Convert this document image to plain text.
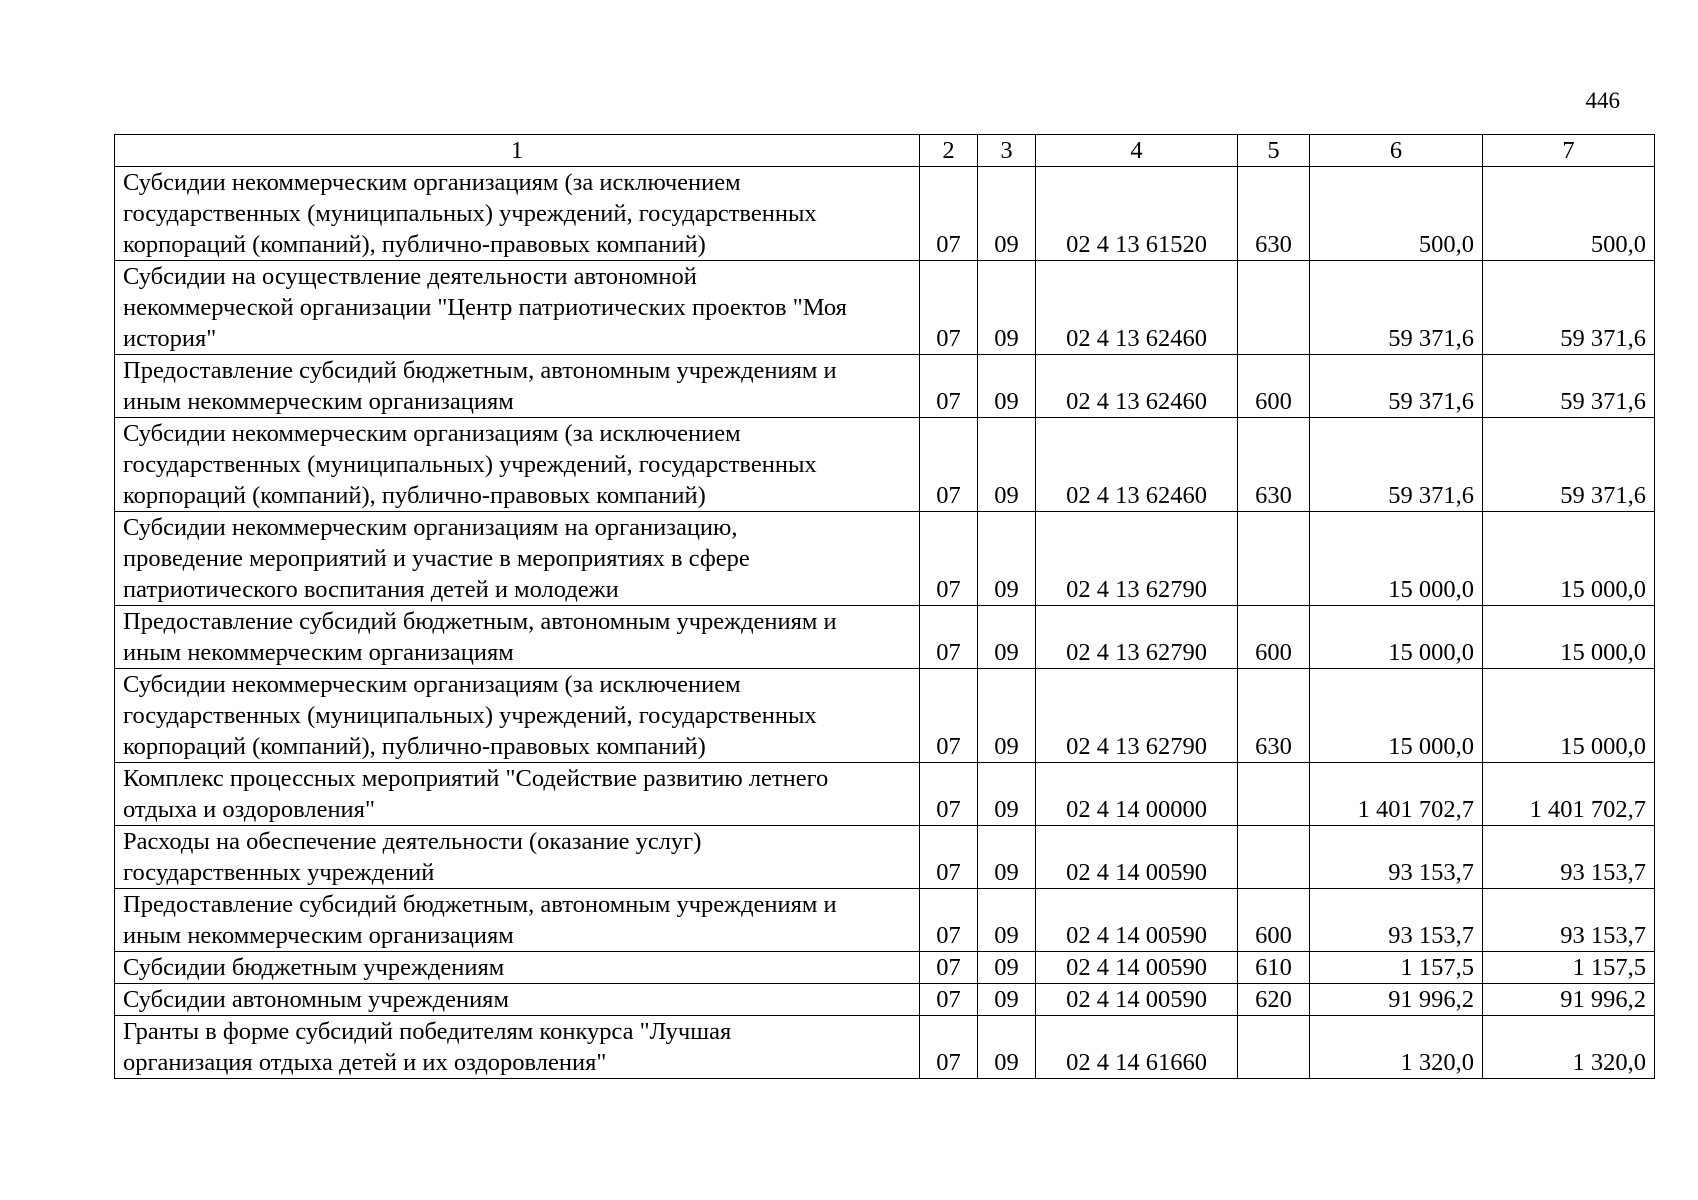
446
1	2	3	4	5	6	7

Субсидии некоммерческим организациям (за исключением
государственных (муниципальных) учреждений, государственных
корпораций (компаний), публично-правовых компаний)	07	09	02 4 13 61520	630	500,0	500,0

Субсидии на осуществление деятельности автономной
некоммерческой организации "Центр патриотических проектов "Моя
история"	07	09	02 4 13 62460		59 371,6	59 371,6

Предоставление субсидий бюджетным, автономным учреждениям и
иным некоммерческим организациям	07	09	02 4 13 62460	600	59 371,6	59 371,6

Субсидии некоммерческим организациям (за исключением
государственных (муниципальных) учреждений, государственных
корпораций (компаний), публично-правовых компаний)	07	09	02 4 13 62460	630	59 371,6	59 371,6

Субсидии некоммерческим организациям на организацию,
проведение мероприятий и участие в мероприятиях в сфере
патриотического воспитания детей и молодежи	07	09	02 4 13 62790		15 000,0	15 000,0

Предоставление субсидий бюджетным, автономным учреждениям и
иным некоммерческим организациям	07	09	02 4 13 62790	600	15 000,0	15 000,0

Субсидии некоммерческим организациям (за исключением
государственных (муниципальных) учреждений, государственных
корпораций (компаний), публично-правовых компаний)	07	09	02 4 13 62790	630	15 000,0	15 000,0

Комплекс процессных мероприятий "Содействие развитию летнего
отдыха и оздоровления"	07	09	02 4 14 00000		1 401 702,7	1 401 702,7

Расходы на обеспечение деятельности (оказание услуг)
государственных учреждений	07	09	02 4 14 00590		93 153,7	93 153,7

Предоставление субсидий бюджетным, автономным учреждениям и
иным некоммерческим организациям	07	09	02 4 14 00590	600	93 153,7	93 153,7

Субсидии бюджетным учреждениям	07	09	02 4 14 00590	610	1 157,5	1 157,5

Субсидии автономным учреждениям	07	09	02 4 14 00590	620	91 996,2	91 996,2

Гранты в форме субсидий победителям конкурса "Лучшая
организация отдыха детей и их оздоровления"	07	09	02 4 14 61660		1 320,0	1 320,0
